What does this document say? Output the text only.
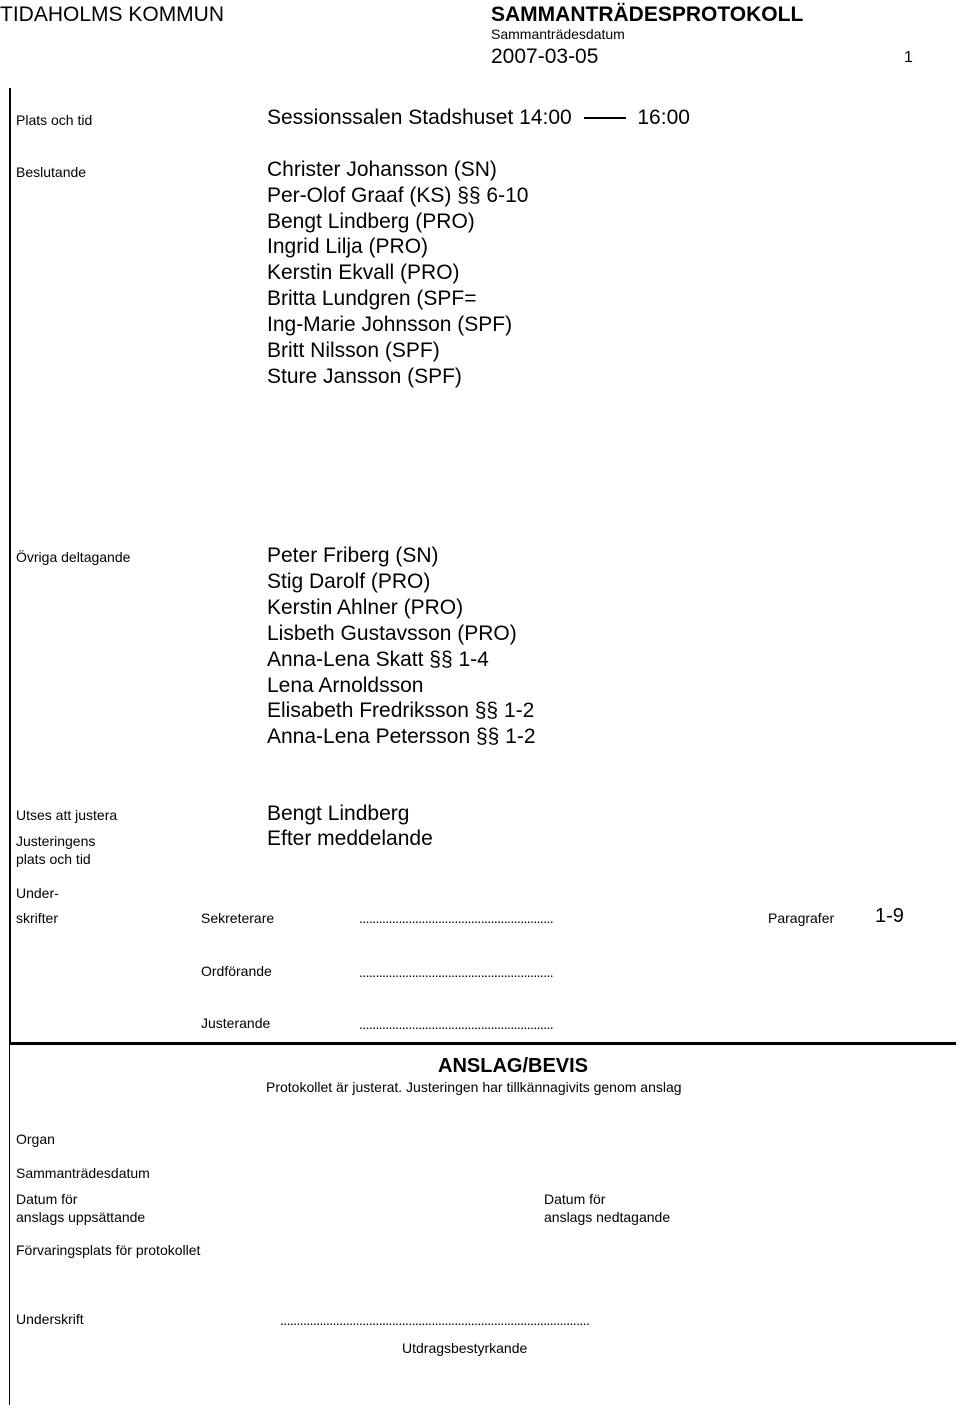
TIDAHOLMS KOMMUN	SAMMANTRÄDESPROTOKOLL
Sammanträdesdatum
2007-03-05	1
Plats och tid	Sessionssalen Stadshuset 14:00	16:00
Beslutande	Christer Johansson (SN)
Per-Olof Graaf (KS) §§ 6-10
Bengt Lindberg (PRO)
Ingrid Lilja (PRO)
Kerstin Ekvall (PRO)
Britta Lundgren (SPF=
Ing-Marie Johnsson (SPF)
Britt Nilsson (SPF)
Sture Jansson (SPF)
Övriga deltagande	Peter Friberg (SN)
Stig Darolf (PRO)
Kerstin Ahlner (PRO)
Lisbeth Gustavsson (PRO)
Anna-Lena Skatt §§ 1-4
Lena Arnoldsson
Elisabeth Fredriksson §§ 1-2
Anna-Lena Petersson §§ 1-2
Utses att justera	Bengt Lindberg
Justeringens
plats och tid
Efter meddelande
Under-
skrifter	Sekreterare	...........................................................	Paragrafer 1-9
Ordförande	...........................................................
Justerande	...........................................................
ANSLAG/BEVIS
Protokollet är justerat. Justeringen har tillkännagivits genom anslag
Organ
Sammanträdesdatum
Datum för
anslags uppsättande
Datum för
anslags nedtagande
Förvaringsplats för protokollet
Underskrift	..............................................................................................
Utdragsbestyrkande
